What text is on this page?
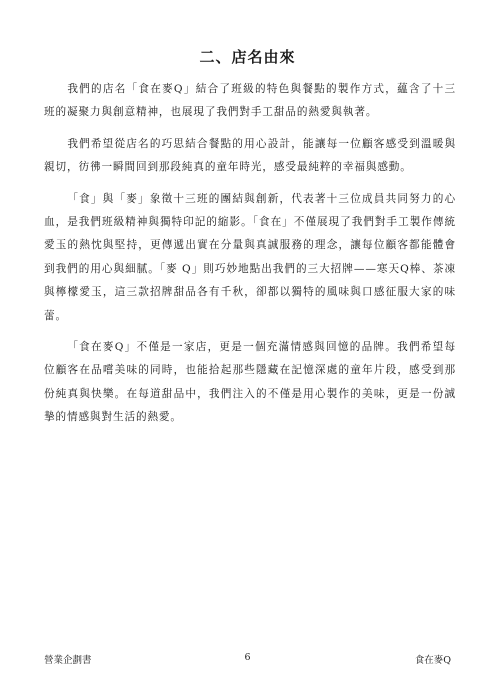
二、店名由來

我們的店名「食在麥Q」結合了班級的特色與餐點的製作方式，蘊含了十三班的凝聚力與創意精神，也展現了我們對手工甜品的熱愛與執著。

我們希望從店名的巧思結合餐點的用心設計，能讓每一位顧客感受到溫暖與親切，彷彿一瞬間回到那段純真的童年時光，感受最純粹的幸福與感動。

「食」與「麥」象徵十三班的團結與創新，代表著十三位成員共同努力的心血，是我們班級精神與獨特印記的縮影。「食在」不僅展現了我們對手工製作傳統愛玉的熱忱與堅持，更傳遞出實在分量與真誠服務的理念，讓每位顧客都能體會到我們的用心與細膩。「麥 Q」則巧妙地點出我們的三大招牌——寒天Q棒、茶凍與檸檬愛玉，這三款招牌甜品各有千秋，卻都以獨特的風味與口感征服大家的味蕾。

「食在麥Q」不僅是一家店，更是一個充滿情感與回憶的品牌。我們希望每位顧客在品嚐美味的同時，也能拾起那些隱藏在記憶深處的童年片段，感受到那份純真與快樂。在每道甜品中，我們注入的不僅是用心製作的美味，更是一份誠摯的情感與對生活的熱愛。

營業企劃書	6	食在麥Q
